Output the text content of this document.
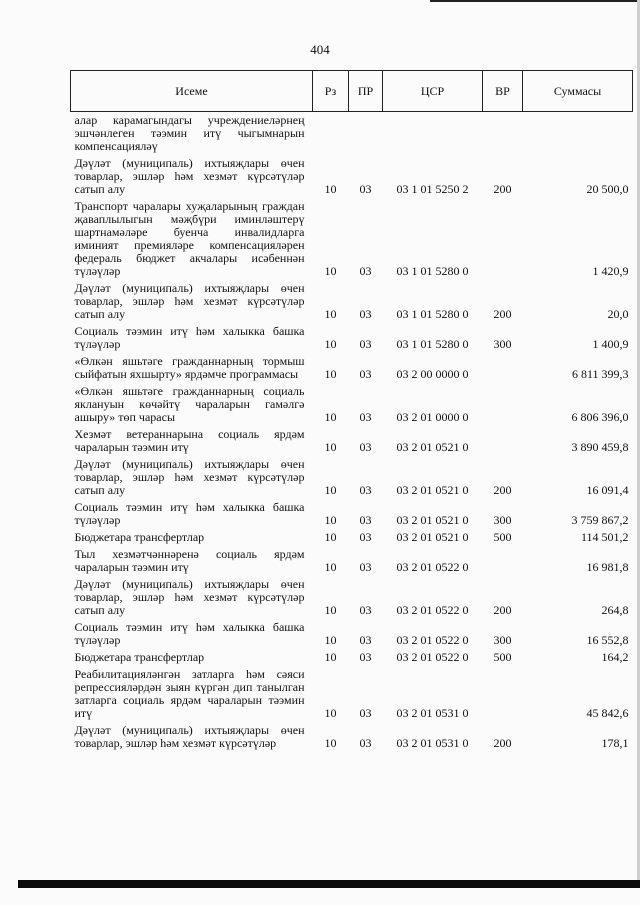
404
Исеме	Рз	ПР	ЦСР	ВР	Суммасы
алар карамагындагы учреждениеләрнең эшчәнлеген тәэмин итү чыгымнарын компенсацияләү					
Дәүләт (муниципаль) ихтыяҗлары өчен товарлар, эшләр һәм хезмәт күрсәтүләр сатып алу	10	03	03 1 01 5250 2	200	20 500,0
Транспорт чаралары хуҗаларының граждан җаваплылыгын мәҗбүри иминләштерү шартнамәләре буенча инвалидларга иминият премияләре компенсацияләрен федераль бюджет акчалары исәбеннән түләүләр	10	03	03 1 01 5280 0		1 420,9
Дәүләт (муниципаль) ихтыяҗлары өчен товарлар, эшләр һәм хезмәт күрсәтүләр сатып алу	10	03	03 1 01 5280 0	200	20,0
Социаль тәэмин итү һәм халыкка башка түләүләр	10	03	03 1 01 5280 0	300	1 400,9
«Өлкән яшьтәге гражданнарның тормыш сыйфатын яхшырту» ярдәмче программасы	10	03	03 2 00 0000 0		6 811 399,3
«Өлкән яшьтәге гражданнарның социаль яклануын көчәйтү чараларын гамәлгә ашыру» төп чарасы	10	03	03 2 01 0000 0		6 806 396,0
Хезмәт ветераннарына социаль ярдәм чараларын тәэмин итү	10	03	03 2 01 0521 0		3 890 459,8
Дәүләт (муниципаль) ихтыяҗлары өчен товарлар, эшләр һәм хезмәт күрсәтүләр сатып алу	10	03	03 2 01 0521 0	200	16 091,4
Социаль тәэмин итү һәм халыкка башка түләүләр	10	03	03 2 01 0521 0	300	3 759 867,2
Бюджетара трансфертлар	10	03	03 2 01 0521 0	500	114 501,2
Тыл хезмәтчәннәренә социаль ярдәм чараларын тәэмин итү	10	03	03 2 01 0522 0		16 981,8
Дәүләт (муниципаль) ихтыяҗлары өчен товарлар, эшләр һәм хезмәт күрсәтүләр сатып алу	10	03	03 2 01 0522 0	200	264,8
Социаль тәэмин итү һәм халыкка башка түләүләр	10	03	03 2 01 0522 0	300	16 552,8
Бюджетара трансфертлар	10	03	03 2 01 0522 0	500	164,2
Реабилитацияләнгән затларга һәм сәяси репрессияләрдән зыян күргән дип танылган затларга социаль ярдәм чараларын тәэмин итү	10	03	03 2 01 0531 0		45 842,6
Дәүләт (муниципаль) ихтыяҗлары өчен товарлар, эшләр һәм хезмәт күрсәтүләр	10	03	03 2 01 0531 0	200	178,1
